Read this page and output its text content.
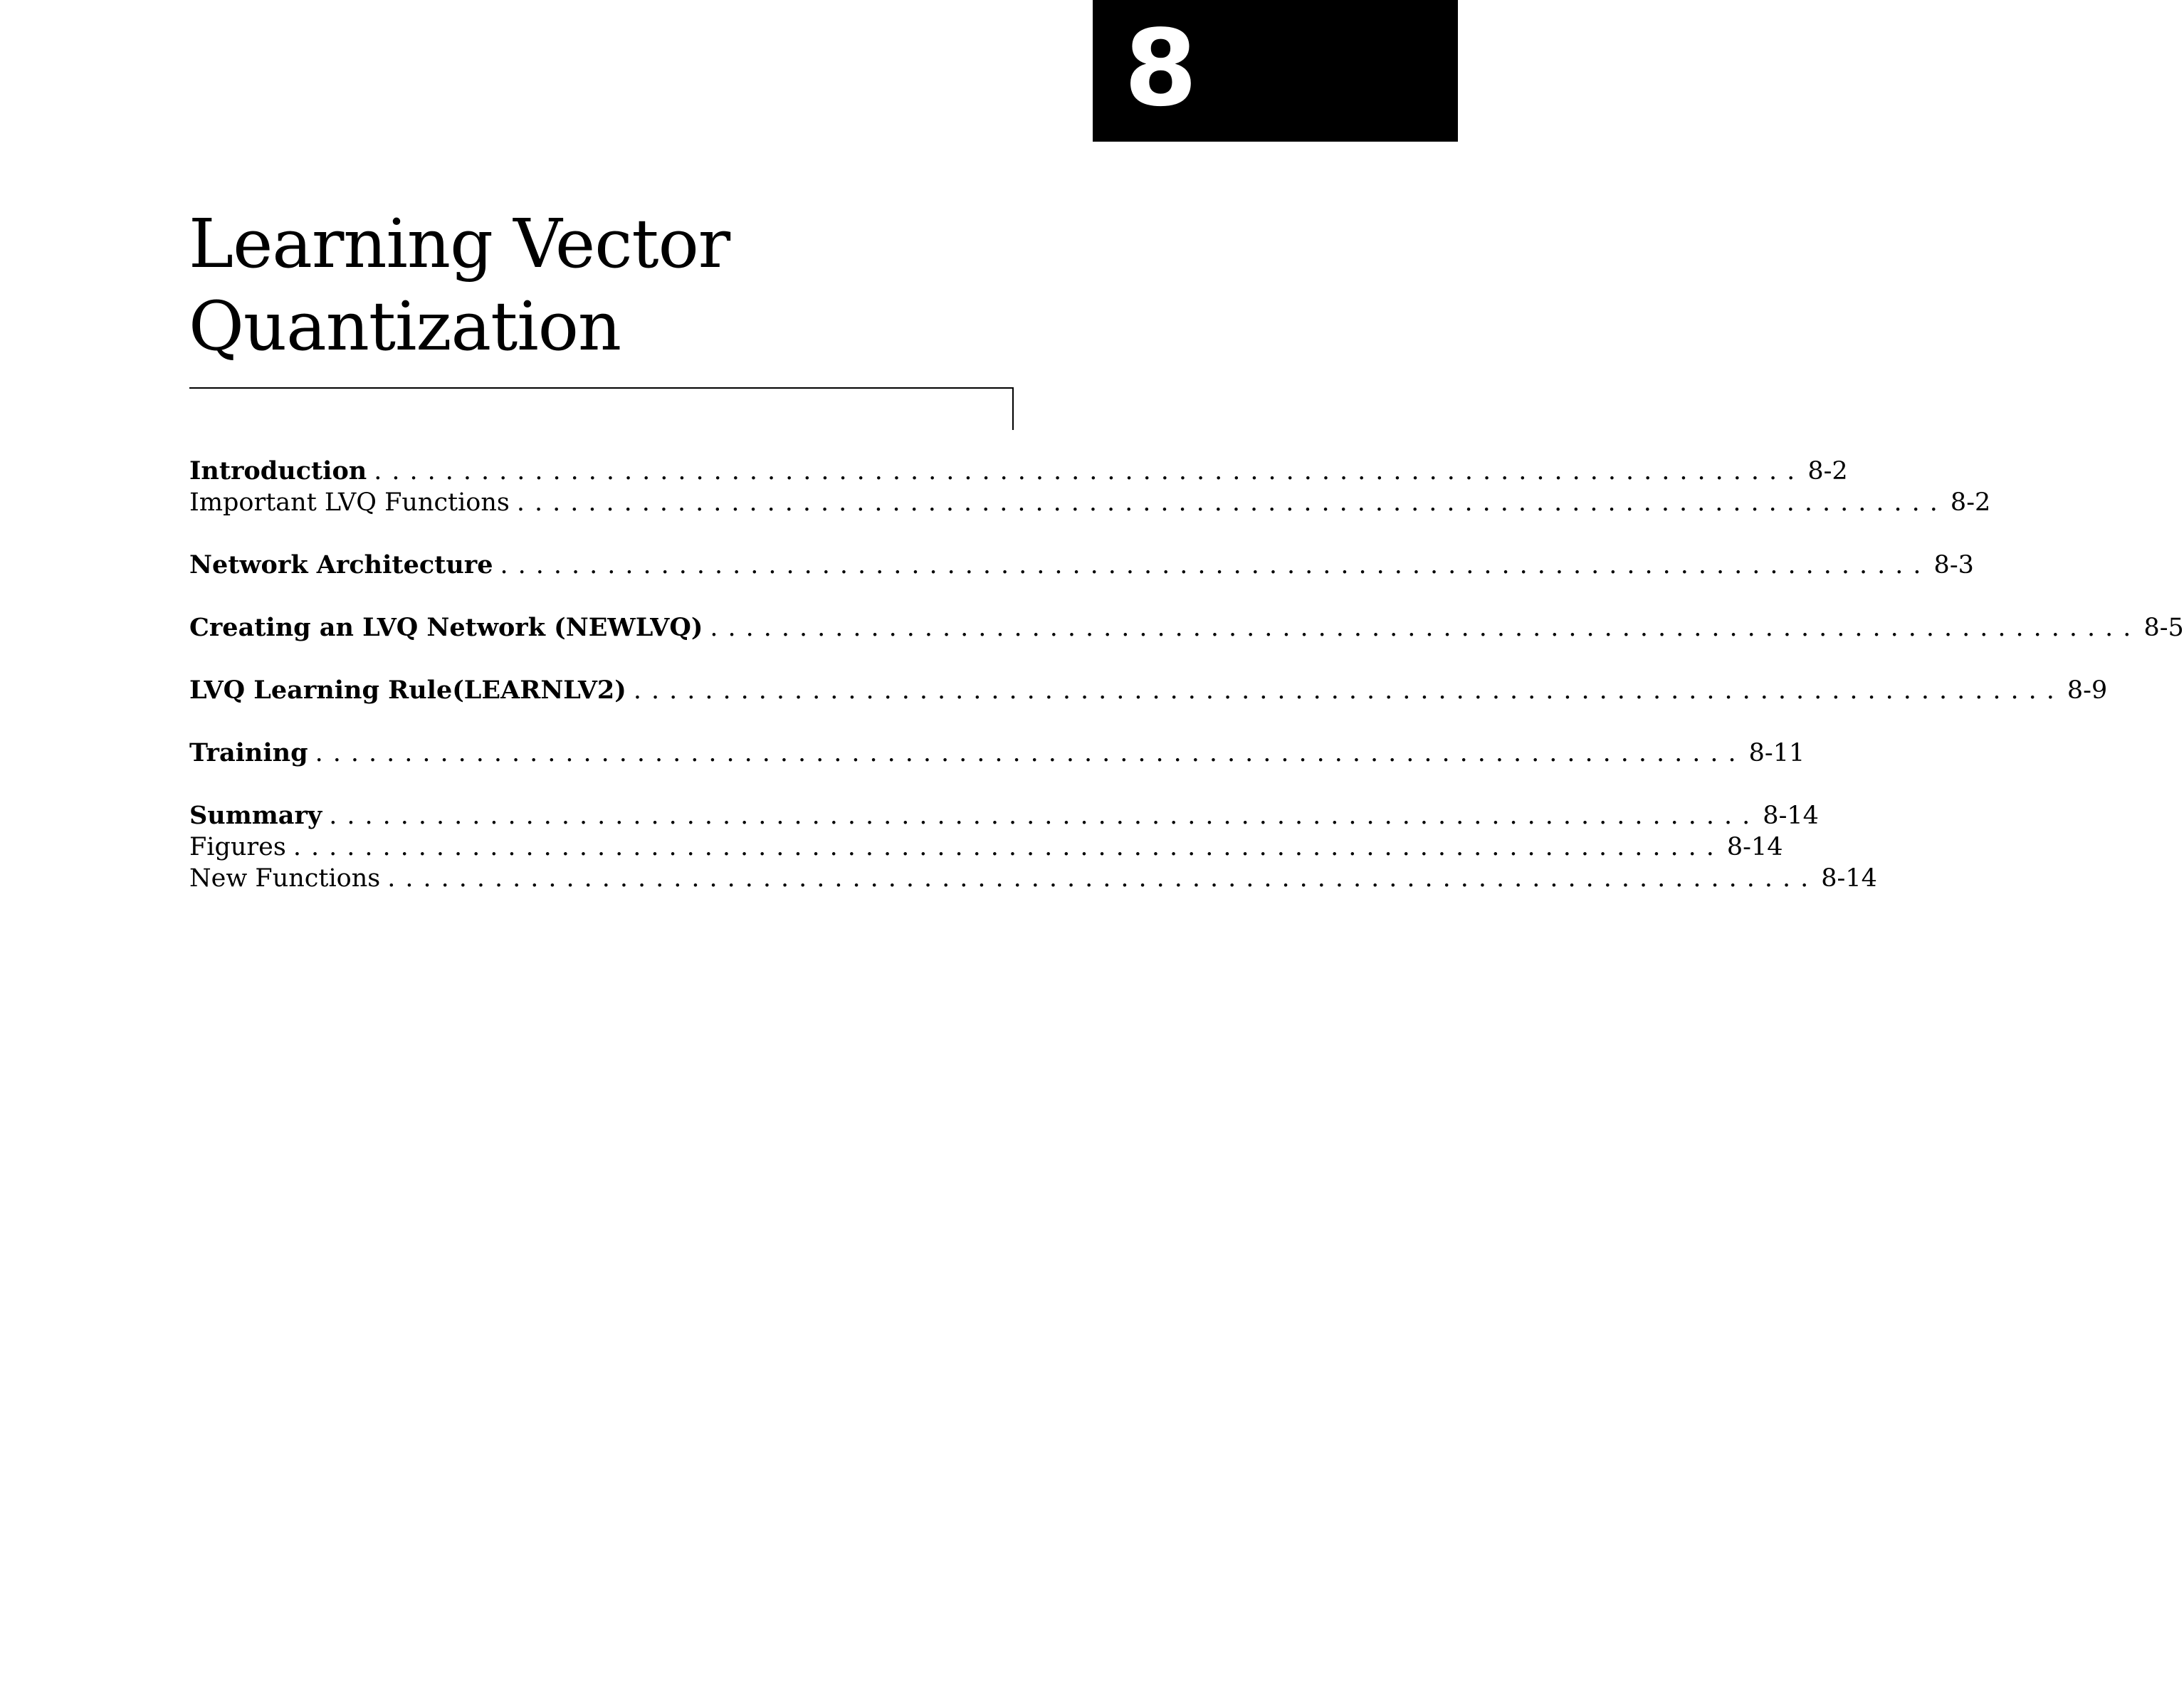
8
Learning Vector
Quantization
Introduction ................................................................................ 8-2
Important LVQ Functions ................................................................................ 8-2
Network Architecture ................................................................................ 8-3
Creating an LVQ Network (NEWLVQ) ................................................................................ 8-5
LVQ Learning Rule(LEARNLV2) ................................................................................ 8-9
Training ................................................................................ 8-11
Summary ................................................................................ 8-14
Figures ................................................................................ 8-14
New Functions ................................................................................ 8-14
